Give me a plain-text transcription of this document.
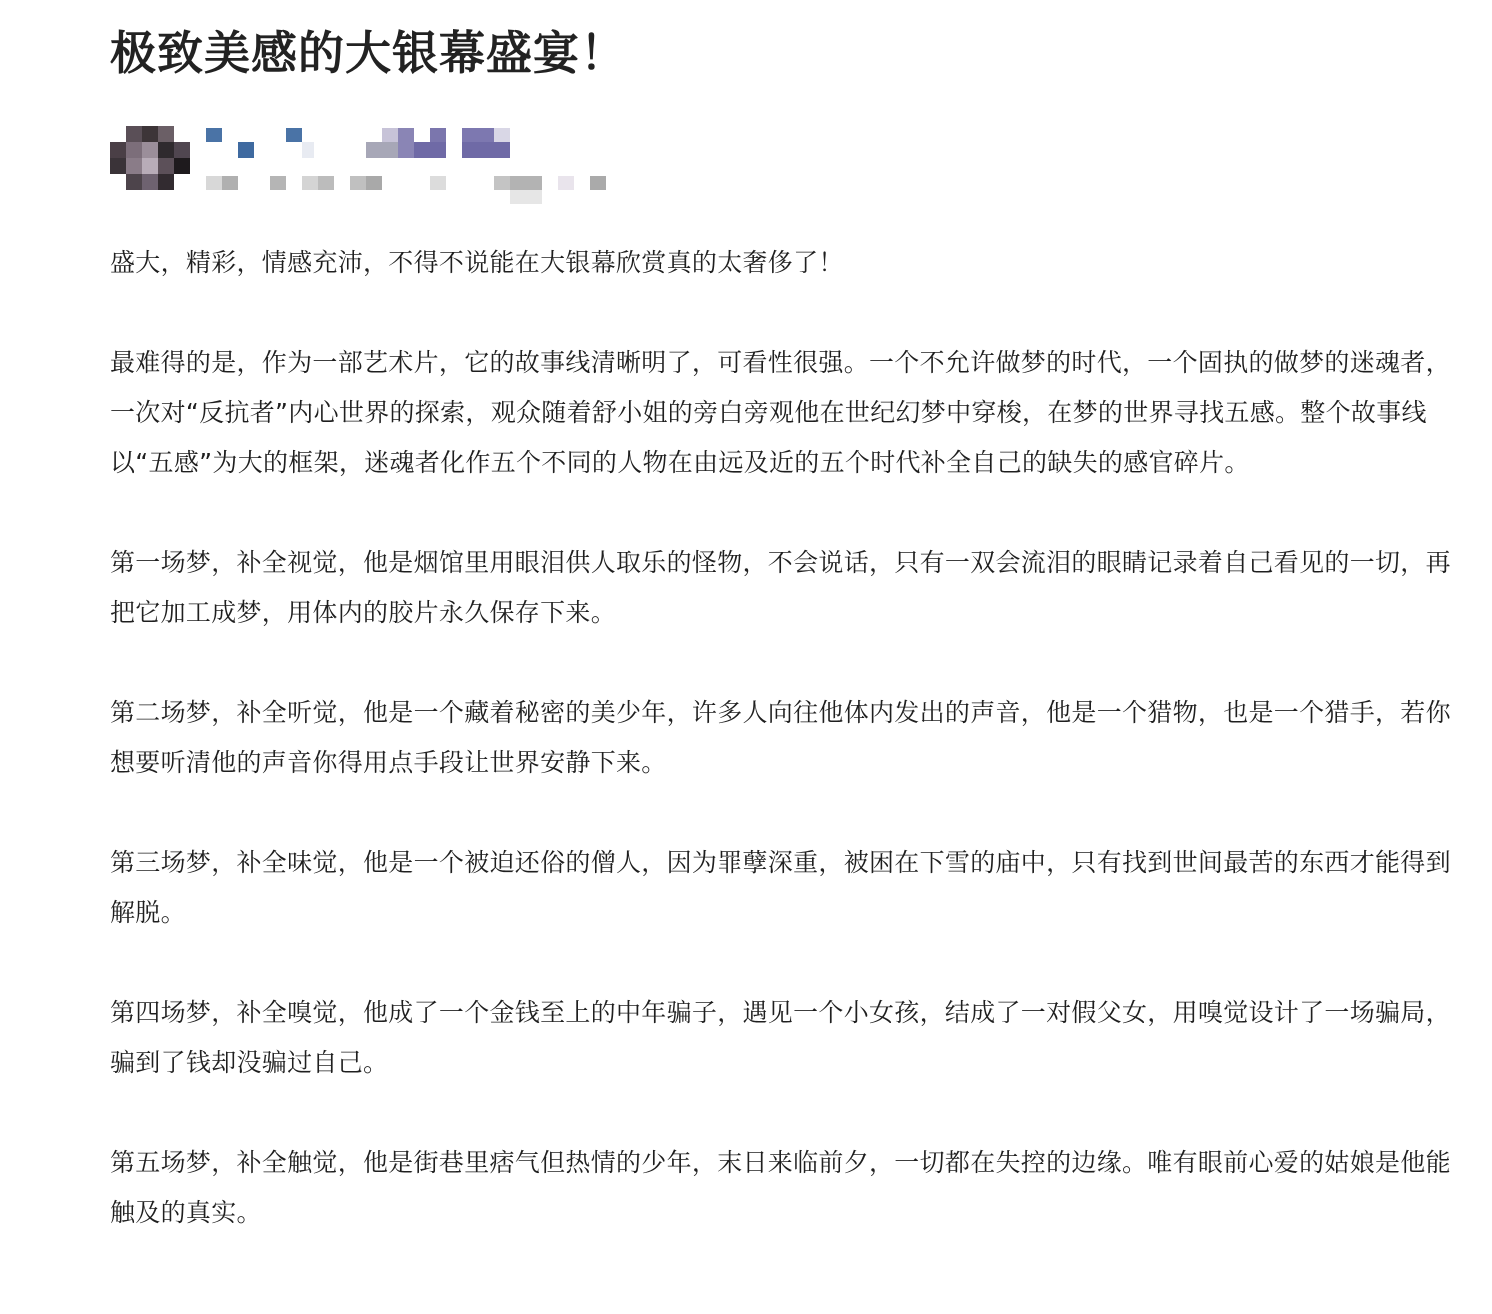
极致美感的大银幕盛宴！

盛大，精彩，情感充沛，不得不说能在大银幕欣赏真的太奢侈了！

最难得的是，作为一部艺术片，它的故事线清晰明了，可看性很强。一个不允许做梦的时代，一个固执的做梦的迷魂者，一次对“反抗者”内心世界的探索，观众随着舒小姐的旁白旁观他在世纪幻梦中穿梭，在梦的世界寻找五感。整个故事线以“五感”为大的框架，迷魂者化作五个不同的人物在由远及近的五个时代补全自己的缺失的感官碎片。

第一场梦，补全视觉，他是烟馆里用眼泪供人取乐的怪物，不会说话，只有一双会流泪的眼睛记录着自己看见的一切，再把它加工成梦，用体内的胶片永久保存下来。

第二场梦，补全听觉，他是一个藏着秘密的美少年，许多人向往他体内发出的声音，他是一个猎物，也是一个猎手，若你想要听清他的声音你得用点手段让世界安静下来。

第三场梦，补全味觉，他是一个被迫还俗的僧人，因为罪孽深重，被困在下雪的庙中，只有找到世间最苦的东西才能得到解脱。

第四场梦，补全嗅觉，他成了一个金钱至上的中年骗子，遇见一个小女孩，结成了一对假父女，用嗅觉设计了一场骗局，骗到了钱却没骗过自己。

第五场梦，补全触觉，他是街巷里痞气但热情的少年，末日来临前夕，一切都在失控的边缘。唯有眼前心爱的姑娘是他能触及的真实。
